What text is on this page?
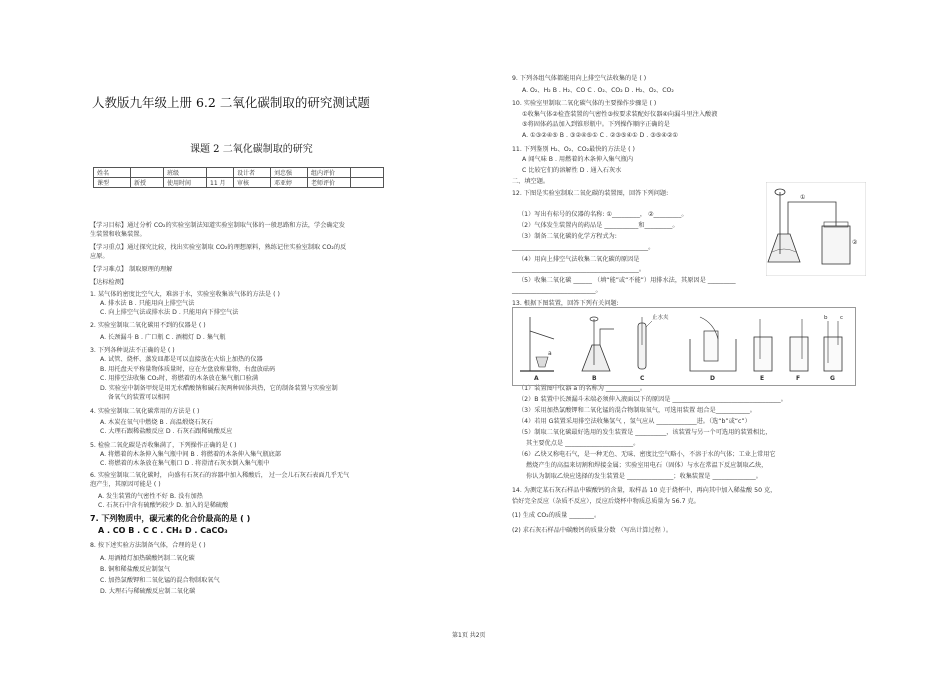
人教版九年级上册 6.2 二氧化碳制取的研究测试题
课题 2 二氧化碳制取的研究
姓名		班级		设计者	刘忠强	组内评价	
课型	新授	使用时间	11 月	审核	邓亚婷	老师评价	
【学习目标】通过分析 CO₂的实验室制法知道实验室制取气体的一般思路和方法，学会确定发
生装置和收集装置。
【学习重点】通过探究比较，找出实验室制取 CO₂的理想原料，熟练记住实验室制取 CO₂的反
应原。
【学习难点】 制取原理的理解
【达标检测】
1. 某气体的密度比空气大，难溶于水，实验室收集该气体的方法是 ( )
A. 排水法 B . 只能用向上排空气法
C. 向上排空气法或排水法 D . 只能用向下排空气法
2. 实验室制取二氧化碳用不到的仪器是 ( )
A. 长颈漏斗 B . 广口瓶 C . 酒精灯 D . 集气瓶
3. 下列各种说法不正确的是 ( )
A. 试管、烧杯、蒸发皿都是可以直接放在火焰上加热的仪器
B. 用托盘天平称量物体质量时，应在左盘放称量物，右盘放砝码
C. 用排空法收集 CO₂时，将燃着的木条放在集气瓶口验满
D. 实验室中制备甲烷是用无水醋酸钠和碱石灰两种固体共热，它的制备装置与实验室制
备氧气的装置可以相同
4. 实验室制取二氧化碳常用的方法是 ( )
A. 木炭在氧气中燃烧 B . 高温煅烧石灰石
C. 大理石跟稀盐酸反应 D . 石灰石跟稀硫酸反应
5. 检验二氧化碳是否收集满了，下列操作正确的是 ( )
A. 将燃着的木条伸入集气瓶中间 B . 将燃着的木条伸入集气瓶底部
C. 将燃着的木条放在集气瓶口 D . 将澄清石灰水倒入集气瓶中
6. 实验室制取二氧化碳时， 向盛有石灰石的容器中加入稀酸后， 过一会儿石灰石表面几乎无气
泡产生，其原因可能是 ( )
A. 发生装置的气密性不好 B. 没有加热
C. 石灰石中含有硫酸钙较少 D. 加入的是稀硫酸
7. 下列物质中，碳元素的化合价最高的是 ( )
A . CO B . C C . CH₄ D . CaCO₃
8. 按下述实验方法制备气体，合理的是 ( )
A. 用酒精灯加热碳酸钙制二氧化碳
B. 铜和稀盐酸反应制氢气
C. 加热氯酸钾和二氧化锰的混合物制取氧气
D. 大理石与稀硫酸反应制二氧化碳
9. 下列各组气体都能用向上排空气法收集的是 ( )
A. O₂、H₂ B . H₂、CO C . O₂、CO₂ D . H₂、O₂、CO₂
10. 实验室里制取二氧化碳气体的主要操作步骤是 ( )
①收集气体②检查装置的气密性③按要求装配好仪器④向漏斗里注入酸液
⑤将固体药品加入到锥形瓶中。下列操作顺序正确的是
A. ①③②④⑤ B . ③②④⑤① C . ②③⑤④① D . ③⑤④②①
11. 下列鉴别 H₂、O₂、CO₂最快的方法是 ( )
A 闻气味 B . 用燃着的木条伸入集气瓶内
C 比较它们的溶解性 D . 通入石灰水
二、填空题。
12. 下图是实验室制取二氧化碳的装置图，回答下列问题:
（1）写出有标号的仪器的名称: ①_________， ②_________。
（2）气体发生装置内的药品是 ___________和_________。
（3）制备二氧化碳的化学方程式为:
____________________________________________。
（4）用向上排空气法收集二氧化碳的原因是
_________________________________________。
（5）收集二氧化碳 ______ （填“能”或“不能”）用排水法，其原因是 _________
___________________________。
13. 根据下图装置，回答下列有关问题:
（1）装置图中仪器 a 的名称为 ___________。
（2）B 装置中长颈漏斗末端必须伸入液面以下的原因是 ___________________________________。
（3）采用加热氯酸钾和二氧化锰的混合物制取氧气，可选用装置 组合是___________。
（4）若用 G装置采用排空法收集氢气 ，氢气应从 _____________进。（选“b”或“c”）
（5）制取二氧化碳最好选用的发生装置是 __________，该装置与另一个可选用的装置相比，
其主要优点是 ______________________。
（6）乙炔又称电石气，是一种无色、无味、密度比空气略小，不溶于水的气体；工业上常用它
燃烧产生的高温来切割和焊接金属；实验室用电石（固体）与水在常温下反应制取乙炔，
你认为制取乙炔应选择的发生装置是 _______________；收集装置是 ______________。
14. 为测定某石灰石样品中碳酸钙的含量，取样品 10 克于烧杯中，再向其中加入稀盐酸 50 克，
恰好完全反应（杂质不反应），反应后烧杯中物质总质量为 56.7 克。
(1) 生成 CO₂的质量 ________。
(2) 求石灰石样品中碳酸钙的质量分数 （写出计算过程 ）。
①
②
a
止水夹	b c
A	B	C	D	E	F	G
第1页 共2页
